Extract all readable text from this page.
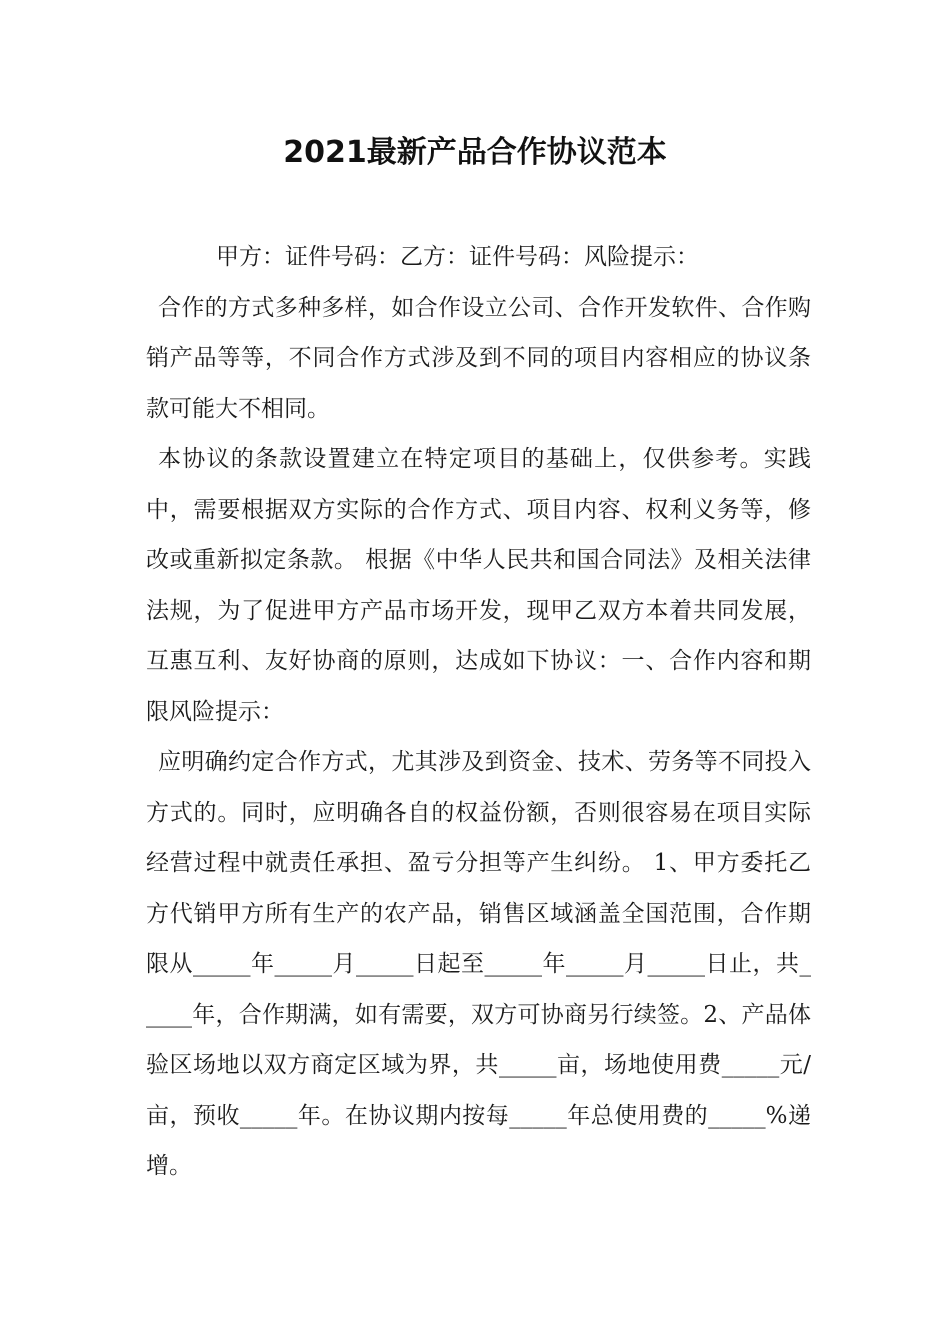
2021最新产品合作协议范本

甲方：证件号码：乙方：证件号码：风险提示：

合作的方式多种多样，如合作设立公司、合作开发软件、合作购销产品等等，不同合作方式涉及到不同的项目内容相应的协议条款可能大不相同。

本协议的条款设置建立在特定项目的基础上，仅供参考。实践中，需要根据双方实际的合作方式、项目内容、权利义务等，修改或重新拟定条款。 根据《中华人民共和国合同法》及相关法律法规，为了促进甲方产品市场开发，现甲乙双方本着共同发展，互惠互利、友好协商的原则，达成如下协议：一、合作内容和期限风险提示：

应明确约定合作方式，尤其涉及到资金、技术、劳务等不同投入方式的。同时，应明确各自的权益份额，否则很容易在项目实际经营过程中就责任承担、盈亏分担等产生纠纷。 1、甲方委托乙方代销甲方所有生产的农产品，销售区域涵盖全国范围，合作期限从_____年_____月_____日起至_____年_____月_____日止，共_____年，合作期满，如有需要，双方可协商另行续签。2、产品体验区场地以双方商定区域为界，共_____亩，场地使用费_____元/亩，预收_____年。在协议期内按每_____年总使用费的_____%递增。
